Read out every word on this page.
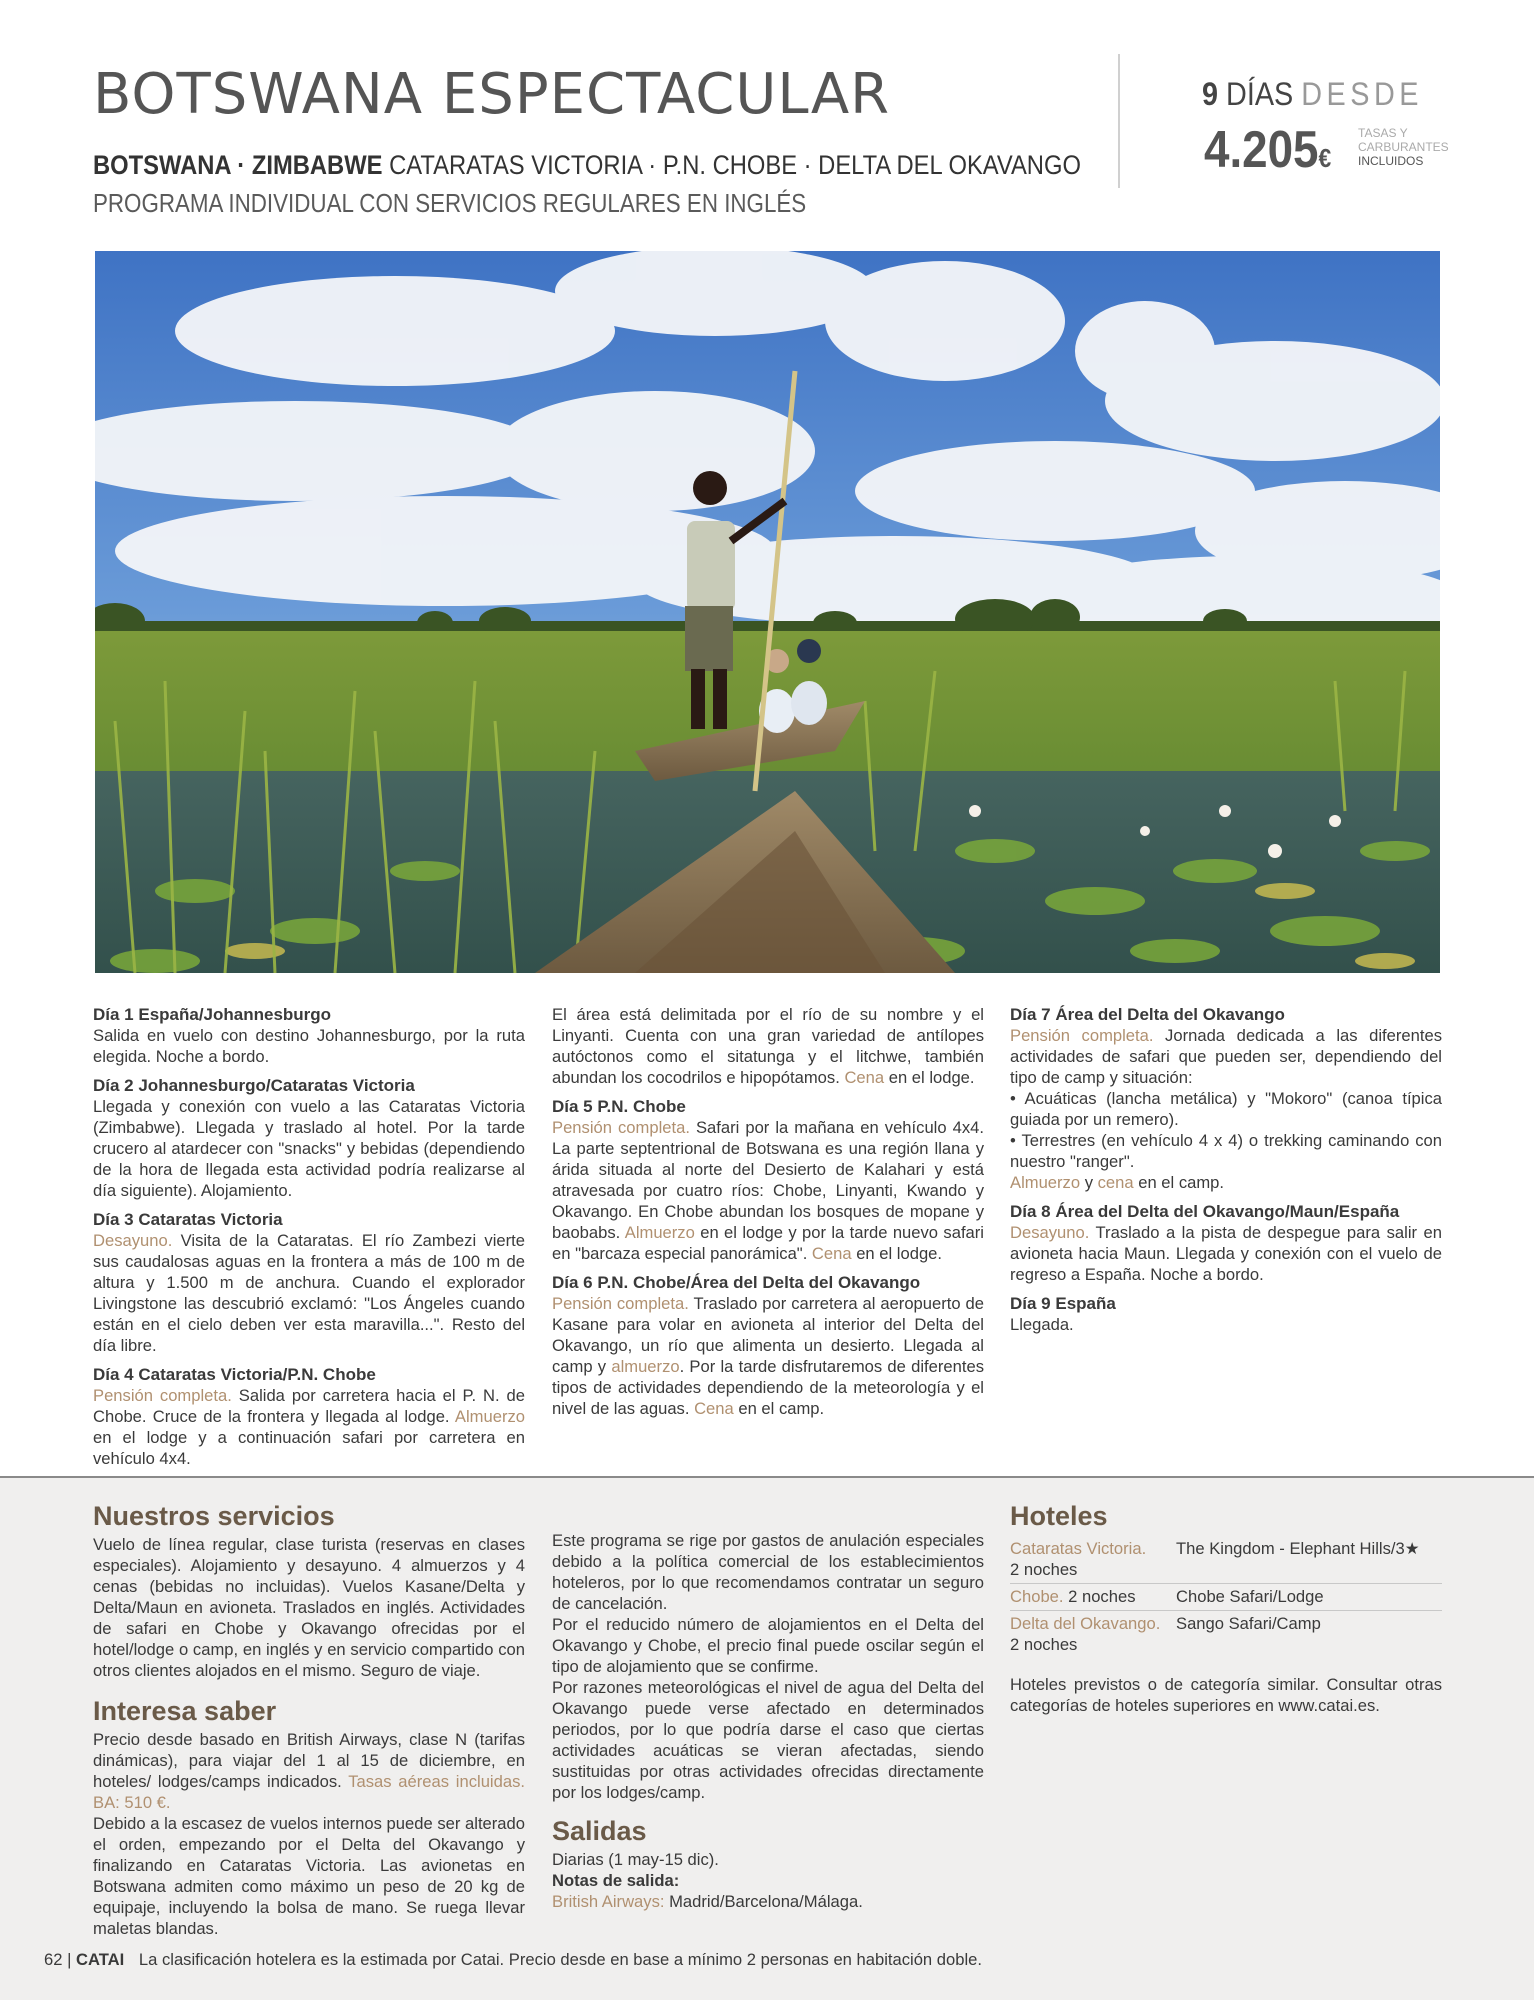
BOTSWANA ESPECTACULAR
BOTSWANA · ZIMBABWE CATARATAS VICTORIA · P.N. CHOBE · DELTA DEL OKAVANGO
PROGRAMA INDIVIDUAL CON SERVICIOS REGULARES EN INGLÉS
9 DÍAS DESDE
4.205€
TASAS Y
CARBURANTES
INCLUIDOS
Día 1 España/Johannesburgo

Salida en vuelo con destino Johannesburgo, por la ruta elegida. Noche a bordo.

Día 2 Johannesburgo/Cataratas Victoria

Llegada y conexión con vuelo a las Cataratas Victoria (Zimbabwe). Llegada y traslado al hotel. Por la tarde crucero al atardecer con "snacks" y bebidas (dependiendo de la hora de llegada esta actividad podría realizarse al día siguiente). Alojamiento.

Día 3 Cataratas Victoria

Desayuno. Visita de la Cataratas. El río Zambezi vierte sus caudalosas aguas en la frontera a más de 100 m de altura y 1.500 m de anchura. Cuando el explorador Livingstone las descubrió exclamó: "Los Ángeles cuando están en el cielo deben ver esta maravilla...". Resto del día libre.

Día 4 Cataratas Victoria/P.N. Chobe

Pensión completa. Salida por carretera hacia el P. N. de Chobe. Cruce de la frontera y llegada al lodge. Almuerzo en el lodge y a continuación safari por carretera en vehículo 4x4.

El área está delimitada por el río de su nombre y el Linyanti. Cuenta con una gran variedad de antílopes autóctonos como el sitatunga y el litchwe, también abundan los cocodrilos e hipopótamos. Cena en el lodge.

Día 5 P.N. Chobe

Pensión completa. Safari por la mañana en vehículo 4x4. La parte septentrional de Botswana es una región llana y árida situada al norte del Desierto de Kalahari y está atravesada por cuatro ríos: Chobe, Linyanti, Kwando y Okavango. En Chobe abundan los bosques de mopane y baobabs. Almuerzo en el lodge y por la tarde nuevo safari en "barcaza especial panorámica". Cena en el lodge.

Día 6 P.N. Chobe/Área del Delta del Okavango

Pensión completa. Traslado por carretera al aeropuerto de Kasane para volar en avioneta al interior del Delta del Okavango, un río que alimenta un desierto. Llegada al camp y almuerzo. Por la tarde disfrutaremos de diferentes tipos de actividades dependiendo de la meteorología y el nivel de las aguas. Cena en el camp.

Día 7 Área del Delta del Okavango

Pensión completa. Jornada dedicada a las diferentes actividades de safari que pueden ser, dependiendo del tipo de camp y situación:

• Acuáticas (lancha metálica) y "Mokoro" (canoa típica guiada por un remero).

• Terrestres (en vehículo 4 x 4) o trekking caminando con nuestro "ranger".

Almuerzo y cena en el camp.

Día 8 Área del Delta del Okavango/Maun/España

Desayuno. Traslado a la pista de despegue para salir en avioneta hacia Maun. Llegada y conexión con el vuelo de regreso a España. Noche a bordo.

Día 9 España

Llegada.

Nuestros servicios

Vuelo de línea regular, clase turista (reservas en clases especiales). Alojamiento y desayuno. 4 almuerzos y 4 cenas (bebidas no incluidas). Vuelos Kasane/Delta y Delta/Maun en avioneta. Traslados en inglés. Actividades de safari en Chobe y Okavango ofrecidas por el hotel/lodge o camp, en inglés y en servicio compartido con otros clientes alojados en el mismo. Seguro de viaje.

Interesa saber

Precio desde basado en British Airways, clase N (tarifas dinámicas), para viajar del 1 al 15 de diciembre, en hoteles/ lodges/camps indicados. Tasas aéreas incluidas. BA: 510 €.

Debido a la escasez de vuelos internos puede ser alterado el orden, empezando por el Delta del Okavango y finalizando en Cataratas Victoria. Las avionetas en Botswana admiten como máximo un peso de 20 kg de equipaje, incluyendo la bolsa de mano. Se ruega llevar maletas blandas.

Este programa se rige por gastos de anulación especiales debido a la política comercial de los establecimientos hoteleros, por lo que recomendamos contratar un seguro de cancelación.

Por el reducido número de alojamientos en el Delta del Okavango y Chobe, el precio final puede oscilar según el tipo de alojamiento que se confirme.

Por razones meteorológicas el nivel de agua del Delta del Okavango puede verse afectado en determinados periodos, por lo que podría darse el caso que ciertas actividades acuáticas se vieran afectadas, siendo sustituidas por otras actividades ofrecidas directamente por los lodges/camp.

Salidas

Diarias (1 may-15 dic).

Notas de salida:

British Airways: Madrid/Barcelona/Málaga.

Hoteles
Cataratas Victoria.
2 noches	The Kingdom - Elephant Hills/3★
Chobe. 2 noches	Chobe Safari/Lodge
Delta del Okavango.
2 noches	Sango Safari/Camp

Hoteles previstos o de categoría similar. Consultar otras categorías de hoteles superiores en www.catai.es.

62 | CATAI La clasificación hotelera es la estimada por Catai. Precio desde en base a mínimo 2 personas en habitación doble.
